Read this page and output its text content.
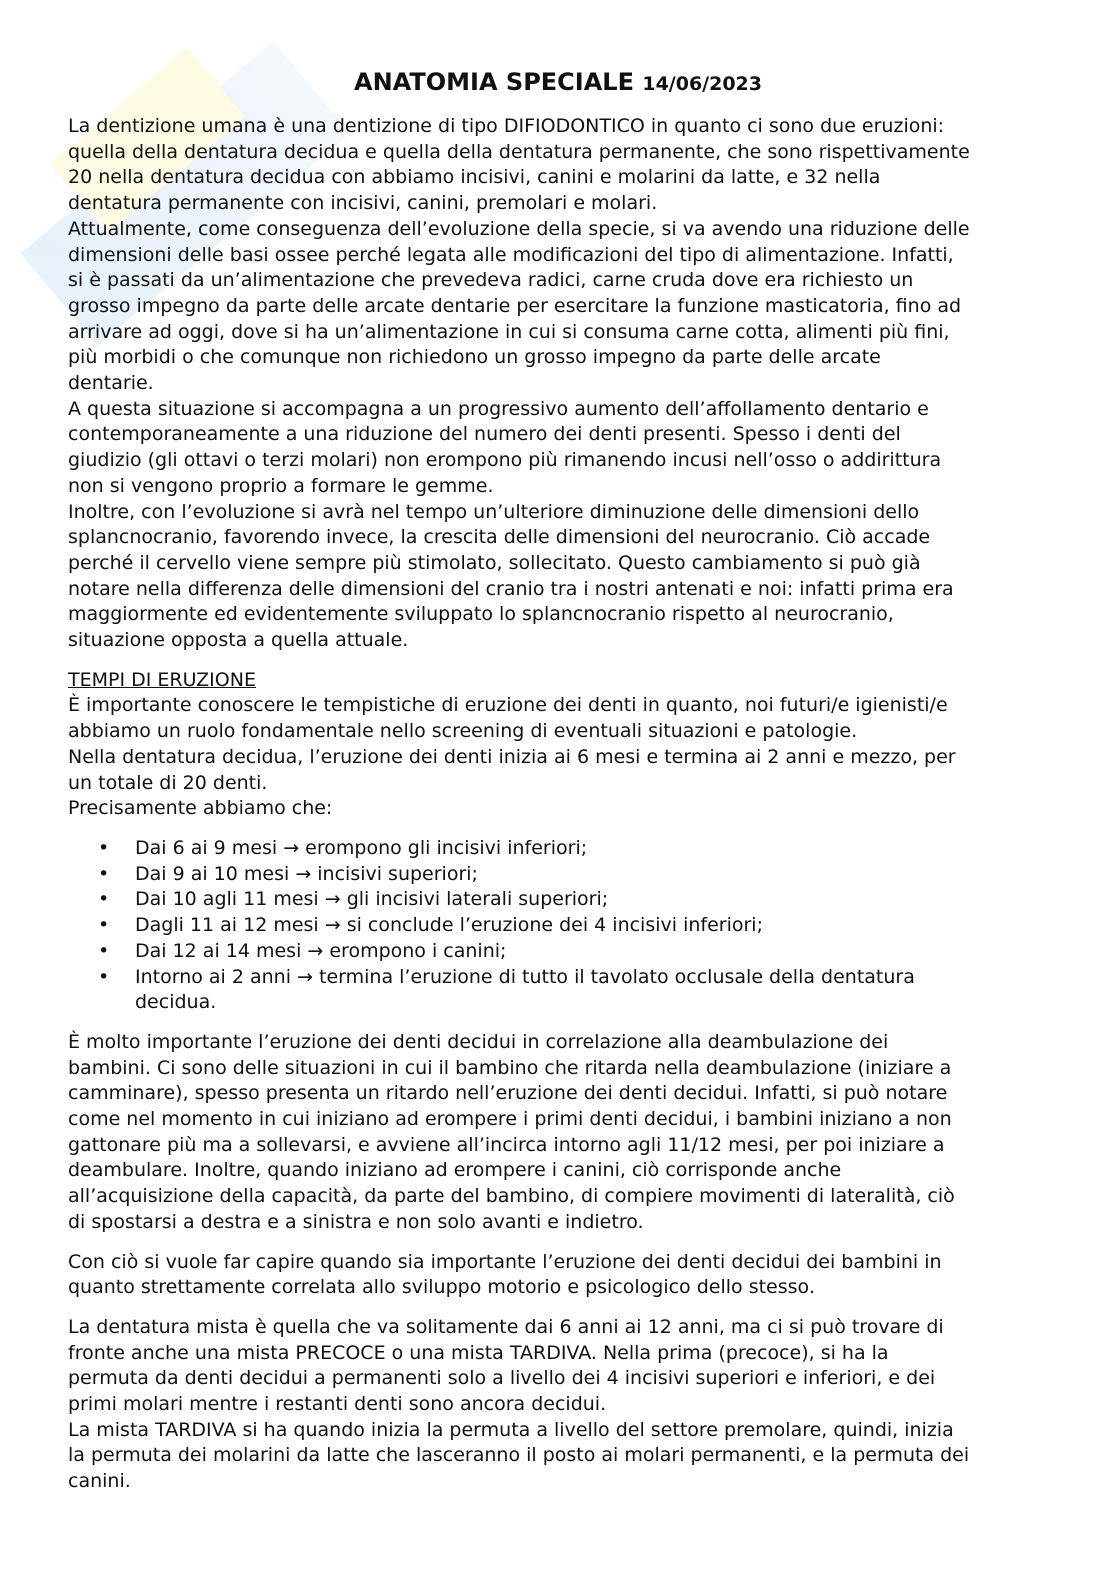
ANATOMIA SPECIALE 14/06/2023
La dentizione umana è una dentizione di tipo DIFIODONTICO in quanto ci sono due eruzioni:
quella della dentatura decidua e quella della dentatura permanente, che sono rispettivamente
20 nella dentatura decidua con abbiamo incisivi, canini e molarini da latte, e 32 nella
dentatura permanente con incisivi, canini, premolari e molari.
Attualmente, come conseguenza dell’evoluzione della specie, si va avendo una riduzione delle
dimensioni delle basi ossee perché legata alle modificazioni del tipo di alimentazione. Infatti,
si è passati da un’alimentazione che prevedeva radici, carne cruda dove era richiesto un
grosso impegno da parte delle arcate dentarie per esercitare la funzione masticatoria, fino ad
arrivare ad oggi, dove si ha un’alimentazione in cui si consuma carne cotta, alimenti più fini,
più morbidi o che comunque non richiedono un grosso impegno da parte delle arcate
dentarie.
A questa situazione si accompagna a un progressivo aumento dell’affollamento dentario e
contemporaneamente a una riduzione del numero dei denti presenti. Spesso i denti del
giudizio (gli ottavi o terzi molari) non erompono più rimanendo incusi nell’osso o addirittura
non si vengono proprio a formare le gemme.
Inoltre, con l’evoluzione si avrà nel tempo un’ulteriore diminuzione delle dimensioni dello
splancnocranio, favorendo invece, la crescita delle dimensioni del neurocranio. Ciò accade
perché il cervello viene sempre più stimolato, sollecitato. Questo cambiamento si può già
notare nella differenza delle dimensioni del cranio tra i nostri antenati e noi: infatti prima era
maggiormente ed evidentemente sviluppato lo splancnocranio rispetto al neurocranio,
situazione opposta a quella attuale.
TEMPI DI ERUZIONE
È importante conoscere le tempistiche di eruzione dei denti in quanto, noi futuri/e igienisti/e
abbiamo un ruolo fondamentale nello screening di eventuali situazioni e patologie.
Nella dentatura decidua, l’eruzione dei denti inizia ai 6 mesi e termina ai 2 anni e mezzo, per
un totale di 20 denti.
Precisamente abbiamo che:
• Dai 6 ai 9 mesi → erompono gli incisivi inferiori;
• Dai 9 ai 10 mesi → incisivi superiori;
• Dai 10 agli 11 mesi → gli incisivi laterali superiori;
• Dagli 11 ai 12 mesi → si conclude l’eruzione dei 4 incisivi inferiori;
• Dai 12 ai 14 mesi → erompono i canini;
• Intorno ai 2 anni → termina l’eruzione di tutto il tavolato occlusale della dentatura
decidua.
È molto importante l’eruzione dei denti decidui in correlazione alla deambulazione dei
bambini. Ci sono delle situazioni in cui il bambino che ritarda nella deambulazione (iniziare a
camminare), spesso presenta un ritardo nell’eruzione dei denti decidui. Infatti, si può notare
come nel momento in cui iniziano ad erompere i primi denti decidui, i bambini iniziano a non
gattonare più ma a sollevarsi, e avviene all’incirca intorno agli 11/12 mesi, per poi iniziare a
deambulare. Inoltre, quando iniziano ad erompere i canini, ciò corrisponde anche
all’acquisizione della capacità, da parte del bambino, di compiere movimenti di lateralità, ciò
di spostarsi a destra e a sinistra e non solo avanti e indietro.
Con ciò si vuole far capire quando sia importante l’eruzione dei denti decidui dei bambini in
quanto strettamente correlata allo sviluppo motorio e psicologico dello stesso.
La dentatura mista è quella che va solitamente dai 6 anni ai 12 anni, ma ci si può trovare di
fronte anche una mista PRECOCE o una mista TARDIVA. Nella prima (precoce), si ha la
permuta da denti decidui a permanenti solo a livello dei 4 incisivi superiori e inferiori, e dei
primi molari mentre i restanti denti sono ancora decidui.
La mista TARDIVA si ha quando inizia la permuta a livello del settore premolare, quindi, inizia
la permuta dei molarini da latte che lasceranno il posto ai molari permanenti, e la permuta dei
canini.
